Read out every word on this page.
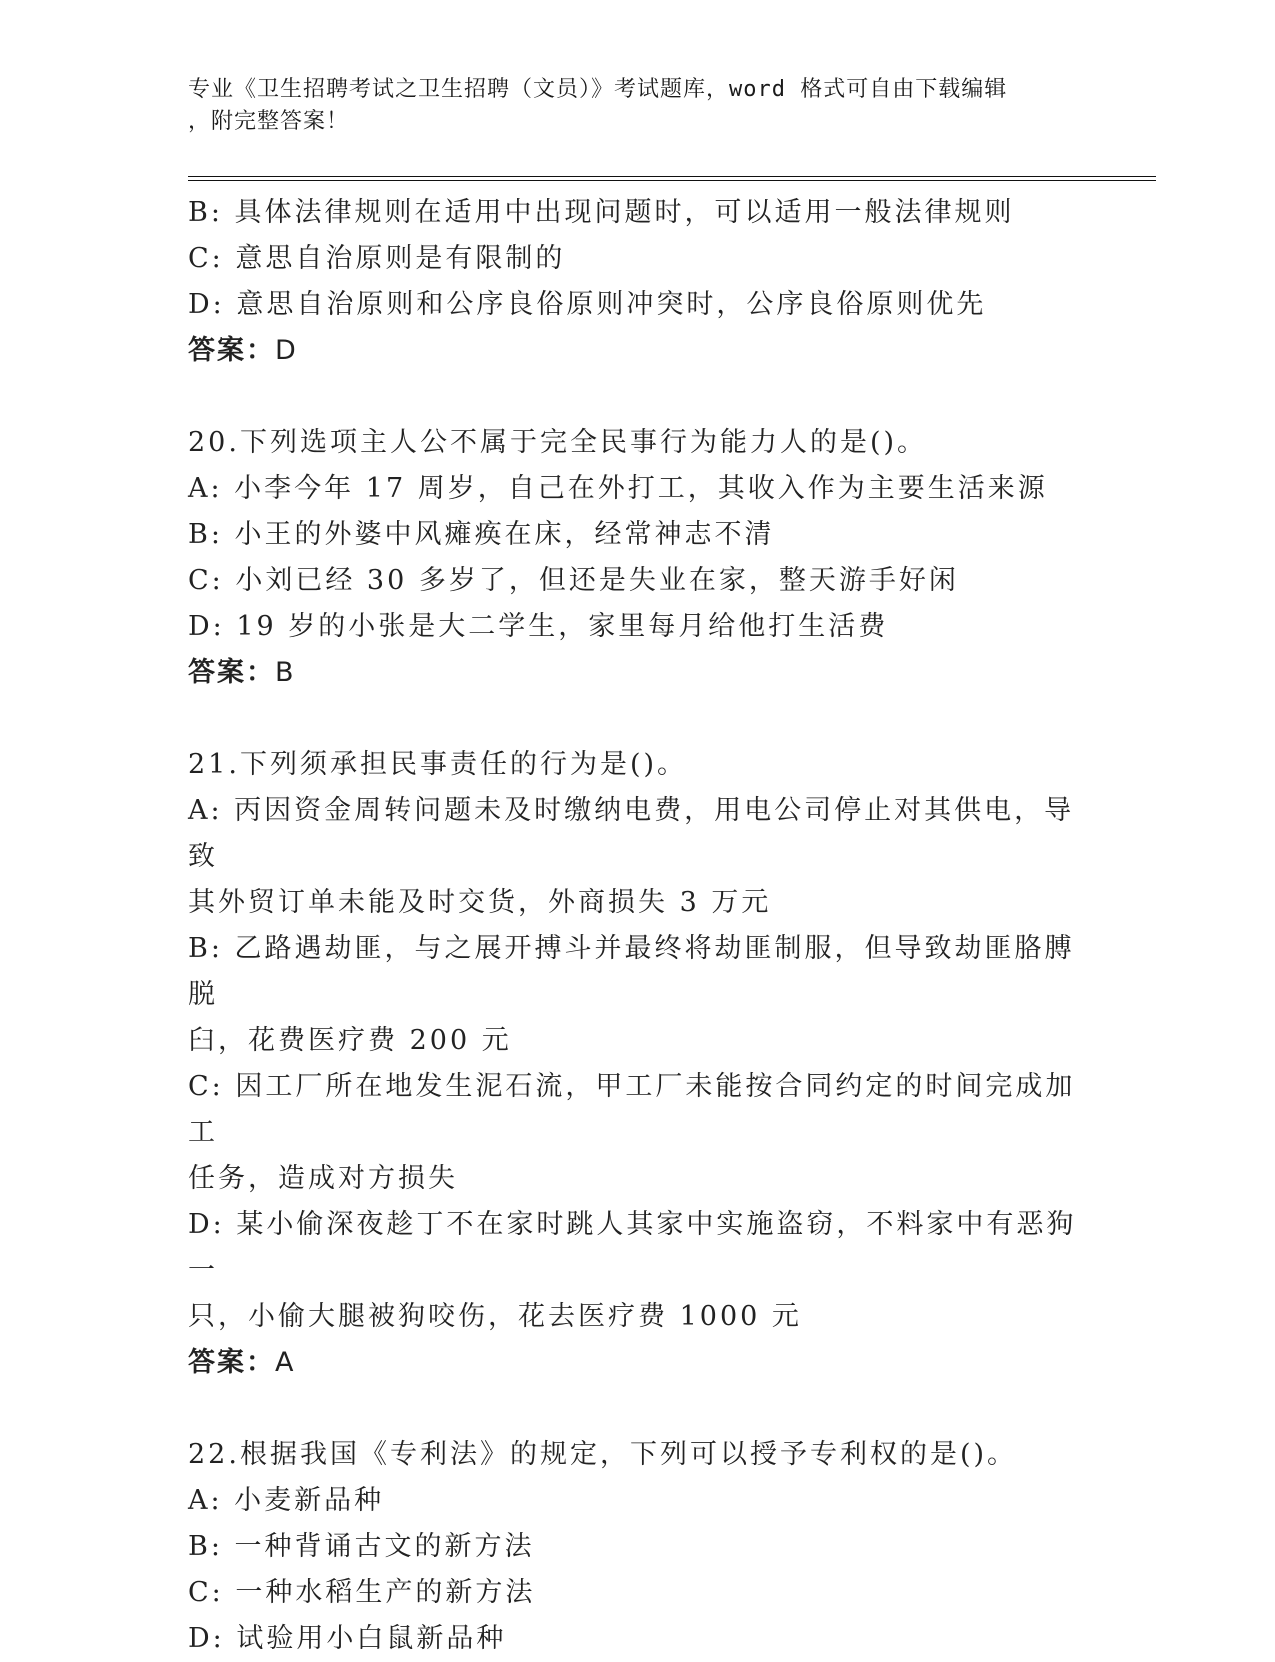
专业《卫生招聘考试之卫生招聘（文员）》考试题库，word 格式可自由下载编辑
，附完整答案！
B: 具体法律规则在适用中出现问题时，可以适用一般法律规则
C: 意思自治原则是有限制的
D: 意思自治原则和公序良俗原则冲突时，公序良俗原则优先
答案：D
20.下列选项主人公不属于完全民事行为能力人的是()。
A: 小李今年 17 周岁，自己在外打工，其收入作为主要生活来源
B: 小王的外婆中风瘫痪在床，经常神志不清
C: 小刘已经 30 多岁了，但还是失业在家，整天游手好闲
D: 19 岁的小张是大二学生，家里每月给他打生活费
答案：B
21.下列须承担民事责任的行为是()。
A: 丙因资金周转问题未及时缴纳电费，用电公司停止对其供电，导致
其外贸订单未能及时交货，外商损失 3 万元
B: 乙路遇劫匪，与之展开搏斗并最终将劫匪制服，但导致劫匪胳膊脱
臼，花费医疗费 200 元
C: 因工厂所在地发生泥石流，甲工厂未能按合同约定的时间完成加工
任务，造成对方损失
D: 某小偷深夜趁丁不在家时跳人其家中实施盗窃，不料家中有恶狗一
只，小偷大腿被狗咬伤，花去医疗费 1000 元
答案：A
22.根据我国《专利法》的规定，下列可以授予专利权的是()。
A: 小麦新品种
B: 一种背诵古文的新方法
C: 一种水稻生产的新方法
D: 试验用小白鼠新品种
